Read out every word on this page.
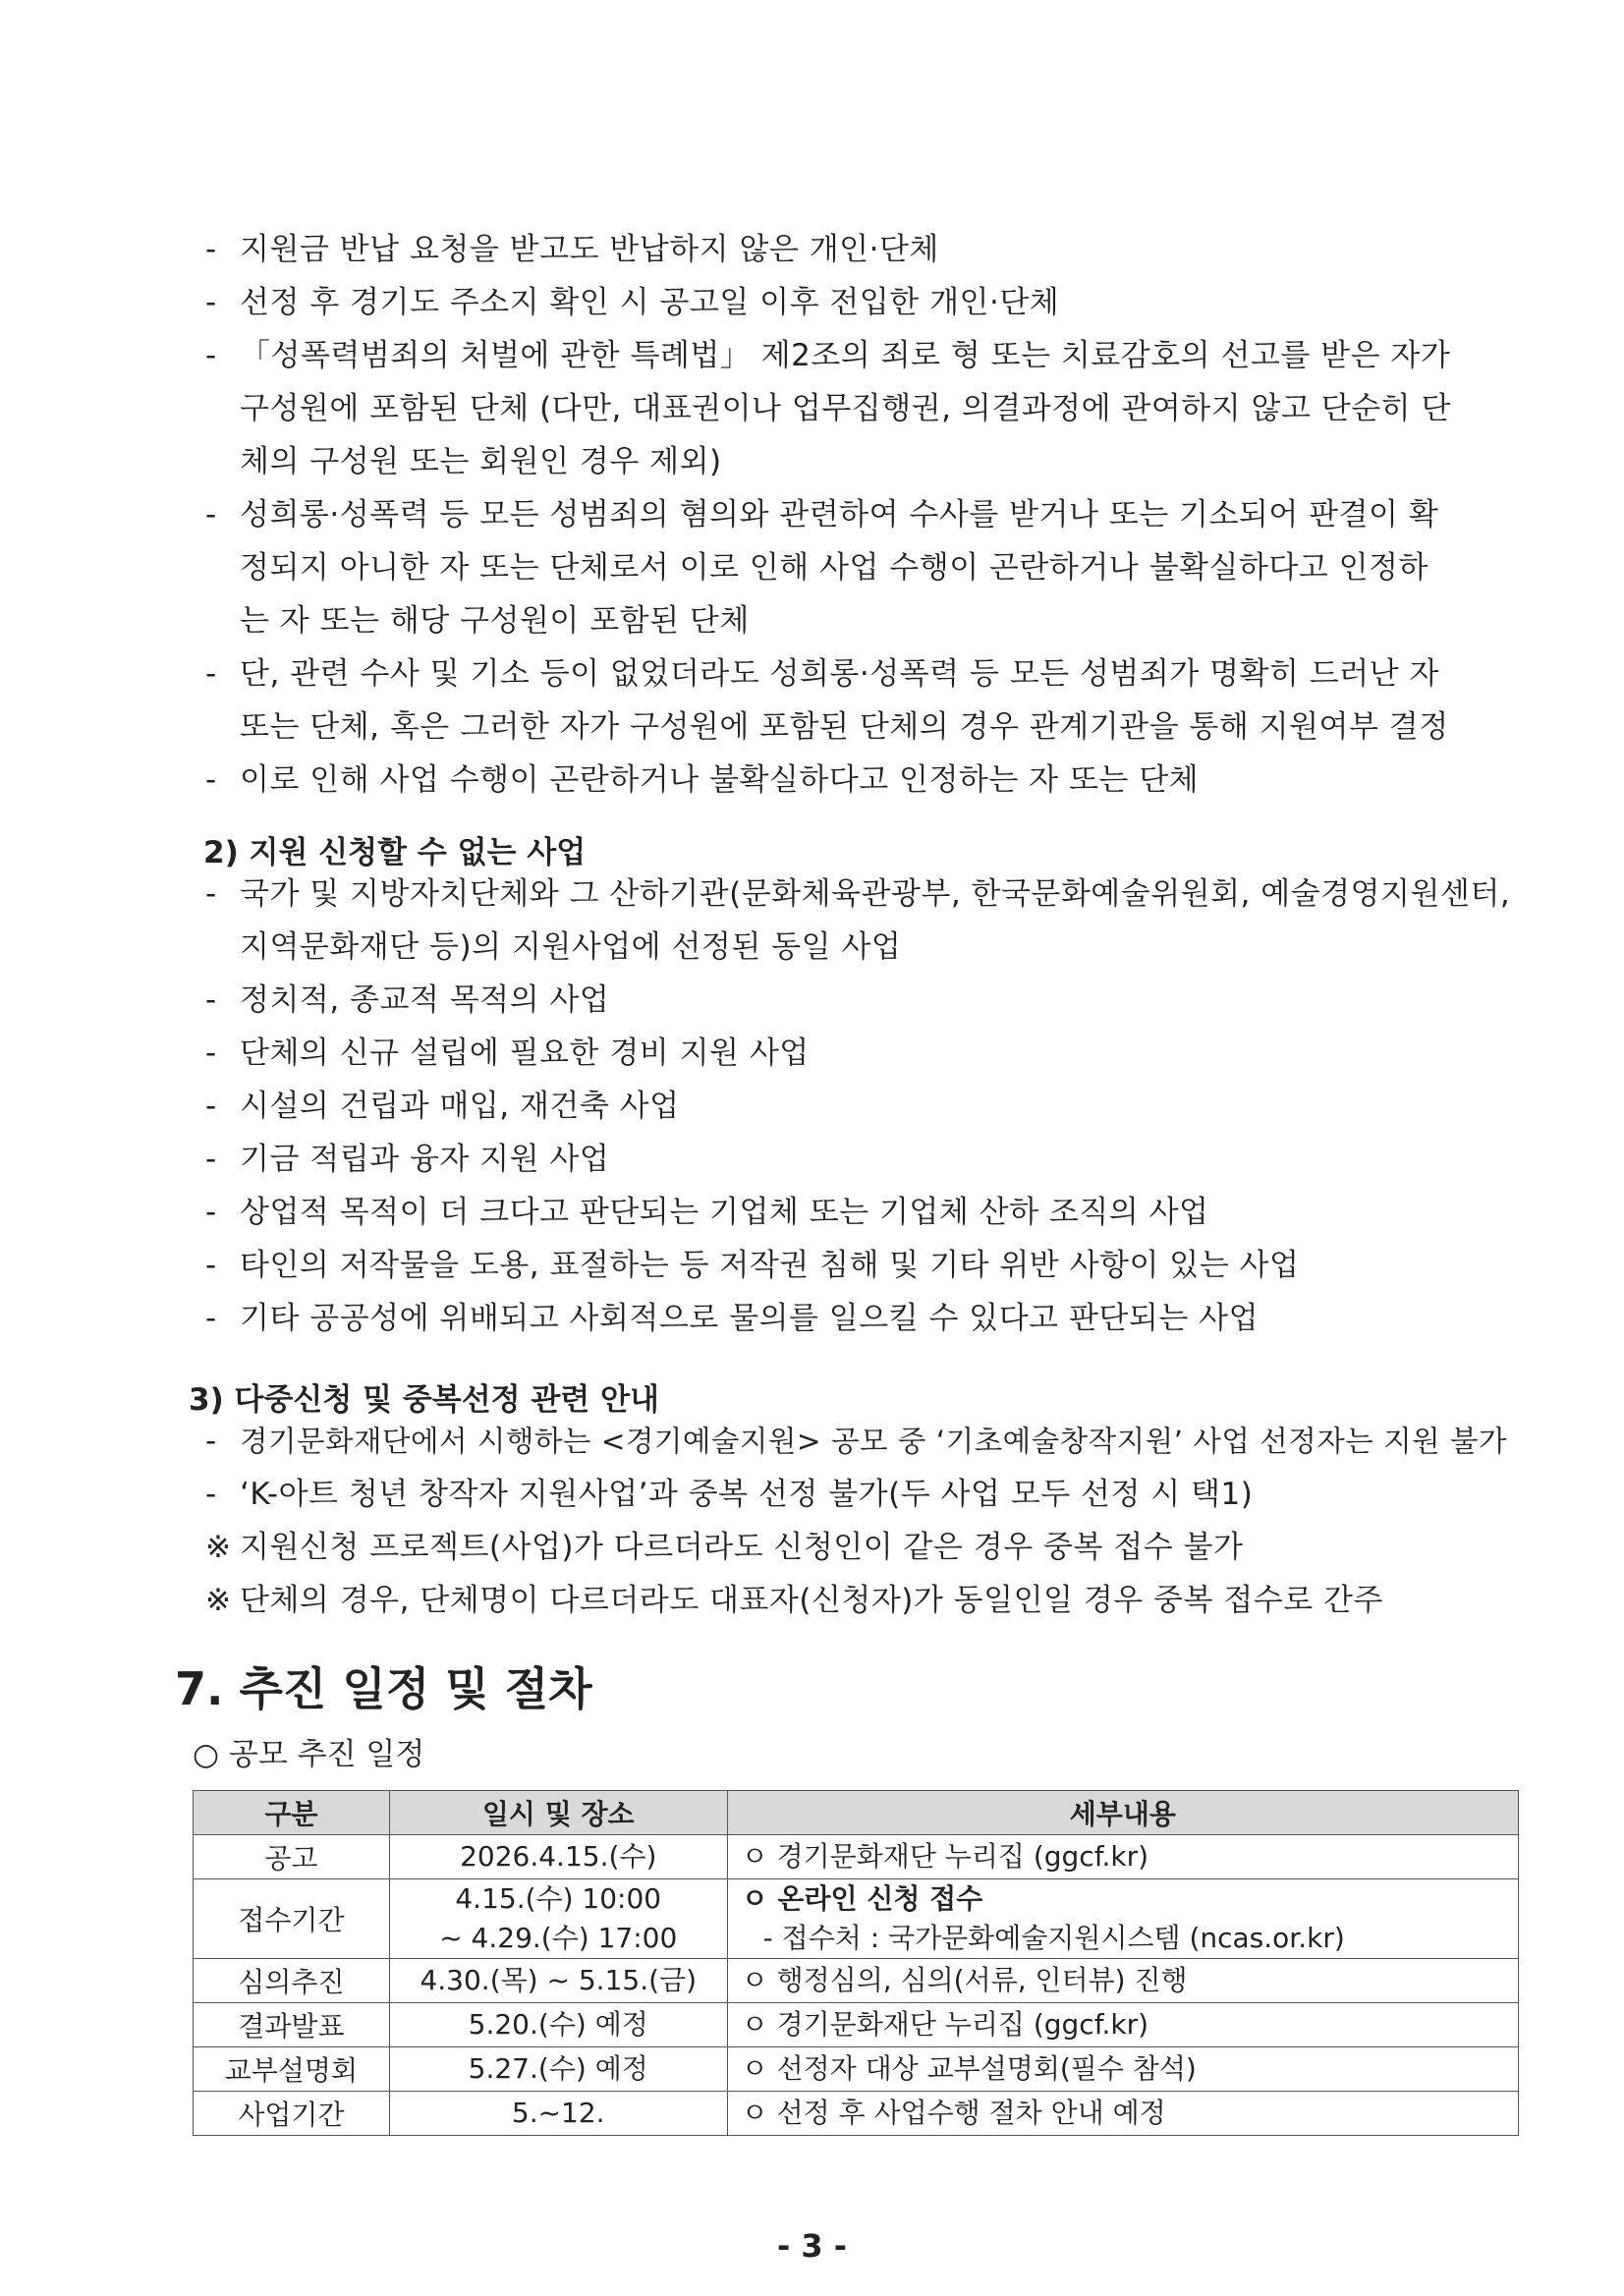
- 지원금 반납 요청을 받고도 반납하지 않은 개인·단체
- 선정 후 경기도 주소지 확인 시 공고일 이후 전입한 개인·단체
- 「성폭력범죄의 처벌에 관한 특례법」 제2조의 죄로 형 또는 치료감호의 선고를 받은 자가
구성원에 포함된 단체 (다만, 대표권이나 업무집행권, 의결과정에 관여하지 않고 단순히 단
체의 구성원 또는 회원인 경우 제외)
- 성희롱·성폭력 등 모든 성범죄의 혐의와 관련하여 수사를 받거나 또는 기소되어 판결이 확
정되지 아니한 자 또는 단체로서 이로 인해 사업 수행이 곤란하거나 불확실하다고 인정하
는 자 또는 해당 구성원이 포함된 단체
- 단, 관련 수사 및 기소 등이 없었더라도 성희롱·성폭력 등 모든 성범죄가 명확히 드러난 자
또는 단체, 혹은 그러한 자가 구성원에 포함된 단체의 경우 관계기관을 통해 지원여부 결정
- 이로 인해 사업 수행이 곤란하거나 불확실하다고 인정하는 자 또는 단체
2) 지원 신청할 수 없는 사업
- 국가 및 지방자치단체와 그 산하기관(문화체육관광부, 한국문화예술위원회, 예술경영지원센터,
지역문화재단 등)의 지원사업에 선정된 동일 사업
- 정치적, 종교적 목적의 사업
- 단체의 신규 설립에 필요한 경비 지원 사업
- 시설의 건립과 매입, 재건축 사업
- 기금 적립과 융자 지원 사업
- 상업적 목적이 더 크다고 판단되는 기업체 또는 기업체 산하 조직의 사업
- 타인의 저작물을 도용, 표절하는 등 저작권 침해 및 기타 위반 사항이 있는 사업
- 기타 공공성에 위배되고 사회적으로 물의를 일으킬 수 있다고 판단되는 사업
3) 다중신청 및 중복선정 관련 안내
- 경기문화재단에서 시행하는 <경기예술지원> 공모 중 ‘기초예술창작지원’ 사업 선정자는 지원 불가
- ‘K-아트 청년 창작자 지원사업’과 중복 선정 불가(두 사업 모두 선정 시 택1)
※ 지원신청 프로젝트(사업)가 다르더라도 신청인이 같은 경우 중복 접수 불가
※ 단체의 경우, 단체명이 다르더라도 대표자(신청자)가 동일인일 경우 중복 접수로 간주
7. 추진 일정 및 절차
○ 공모 추진 일정
구분	일시 및 장소	세부내용
공고	2026.4.15.(수)	ㅇ 경기문화재단 누리집 (ggcf.kr)

접수기간	4.15.(수) 10:00
~ 4.29.(수) 17:00	ㅇ 온라인 신청 접수
- 접수처 : 국가문화예술지원시스템 (ncas.or.kr)

심의추진	4.30.(목) ~ 5.15.(금)	ㅇ 행정심의, 심의(서류, 인터뷰) 진행

결과발표	5.20.(수) 예정	ㅇ 경기문화재단 누리집 (ggcf.kr)

교부설명회	5.27.(수) 예정	ㅇ 선정자 대상 교부설명회(필수 참석)

사업기간	5.~12.	ㅇ 선정 후 사업수행 절차 안내 예정
- 3 -
